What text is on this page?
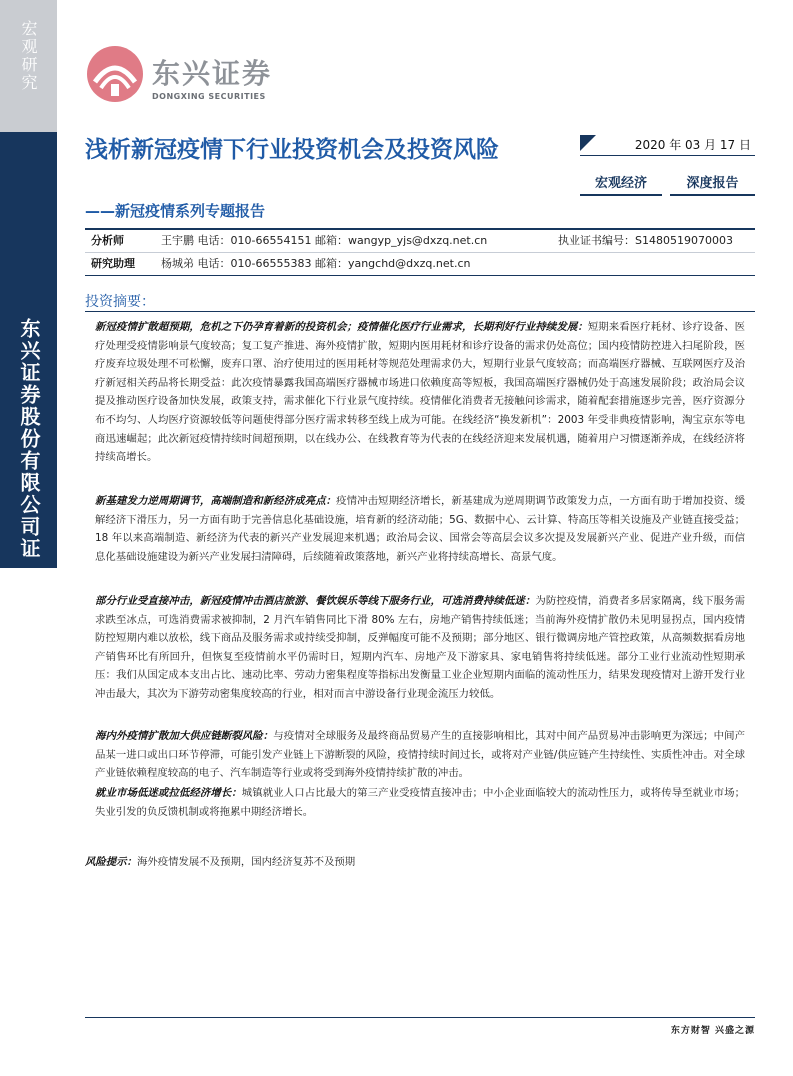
宏观研究
东兴证券股份有限公司证
东兴证券
DONGXING SECURITIES
浅析新冠疫情下行业投资机会及投资风险
——新冠疫情系列专题报告
2020 年 03 月 17 日
宏观经济	深度报告
分析师	王宇鹏 电话：010-66554151 邮箱：wangyp_yjs@dxzq.net.cn	执业证书编号：S1480519070003
研究助理 杨城弟 电话：010-66555383 邮箱：yangchd@dxzq.net.cn
投资摘要：

新冠疫情扩散超预期，危机之下仍孕育着新的投资机会；疫情催化医疗行业需求，长期利好行业持续发展：短期来看医疗耗材、诊疗设备、医疗处理受疫情影响景气度较高；复工复产推进、海外疫情扩散，短期内医用耗材和诊疗设备的需求仍处高位；国内疫情防控进入扫尾阶段，医疗废弃垃圾处理不可松懈，废弃口罩、治疗使用过的医用耗材等规范处理需求仍大，短期行业景气度较高；而高端医疗器械、互联网医疗及治疗新冠相关药品将长期受益：此次疫情暴露我国高端医疗器械市场进口依赖度高等短板，我国高端医疗器械仍处于高速发展阶段；政治局会议提及推动医疗设备加快发展，政策支持，需求催化下行业景气度持续。疫情催化消费者无接触问诊需求，随着配套措施逐步完善，医疗资源分布不均匀、人均医疗资源较低等问题使得部分医疗需求转移至线上成为可能。在线经济“换发新机”：2003 年受非典疫情影响，淘宝京东等电商迅速崛起；此次新冠疫情持续时间超预期，以在线办公、在线教育等为代表的在线经济迎来发展机遇，随着用户习惯逐渐养成，在线经济将持续高增长。

新基建发力逆周期调节，高端制造和新经济成亮点：疫情冲击短期经济增长，新基建成为逆周期调节政策发力点，一方面有助于增加投资、缓解经济下滑压力，另一方面有助于完善信息化基础设施，培育新的经济动能；5G、数据中心、云计算、特高压等相关设施及产业链直接受益；18 年以来高端制造、新经济为代表的新兴产业发展迎来机遇；政治局会议、国常会等高层会议多次提及发展新兴产业、促进产业升级，而信息化基础设施建设为新兴产业发展扫清障碍，后续随着政策落地，新兴产业将持续高增长、高景气度。

部分行业受直接冲击，新冠疫情冲击酒店旅游、餐饮娱乐等线下服务行业，可选消费持续低迷：为防控疫情，消费者多居家隔离，线下服务需求跌至冰点，可选消费需求被抑制，2 月汽车销售同比下滑 80% 左右，房地产销售持续低迷；当前海外疫情扩散仍未见明显拐点，国内疫情防控短期内难以放松，线下商品及服务需求或持续受抑制，反弹幅度可能不及预期；部分地区、银行微调房地产管控政策，从高频数据看房地产销售环比有所回升，但恢复至疫情前水平仍需时日，短期内汽车、房地产及下游家具、家电销售将持续低迷。部分工业行业流动性短期承压：我们从国定成本支出占比、速动比率、劳动力密集程度等指标出发衡量工业企业短期内面临的流动性压力，结果发现疫情对上游开发行业冲击最大，其次为下游劳动密集度较高的行业，相对而言中游设备行业现金流压力较低。

海内外疫情扩散加大供应链断裂风险：与疫情对全球服务及最终商品贸易产生的直接影响相比，其对中间产品贸易冲击影响更为深远；中间产品某一进口或出口环节停滞，可能引发产业链上下游断裂的风险，疫情持续时间过长，或将对产业链/供应链产生持续性、实质性冲击。对全球产业链依赖程度较高的电子、汽车制造等行业或将受到海外疫情持续扩散的冲击。

就业市场低迷或拉低经济增长：城镇就业人口占比最大的第三产业受疫情直接冲击；中小企业面临较大的流动性压力，或将传导至就业市场；失业引发的负反馈机制或将拖累中期经济增长。

风险提示：海外疫情发展不及预期，国内经济复苏不及预期
东方财智 兴盛之源
